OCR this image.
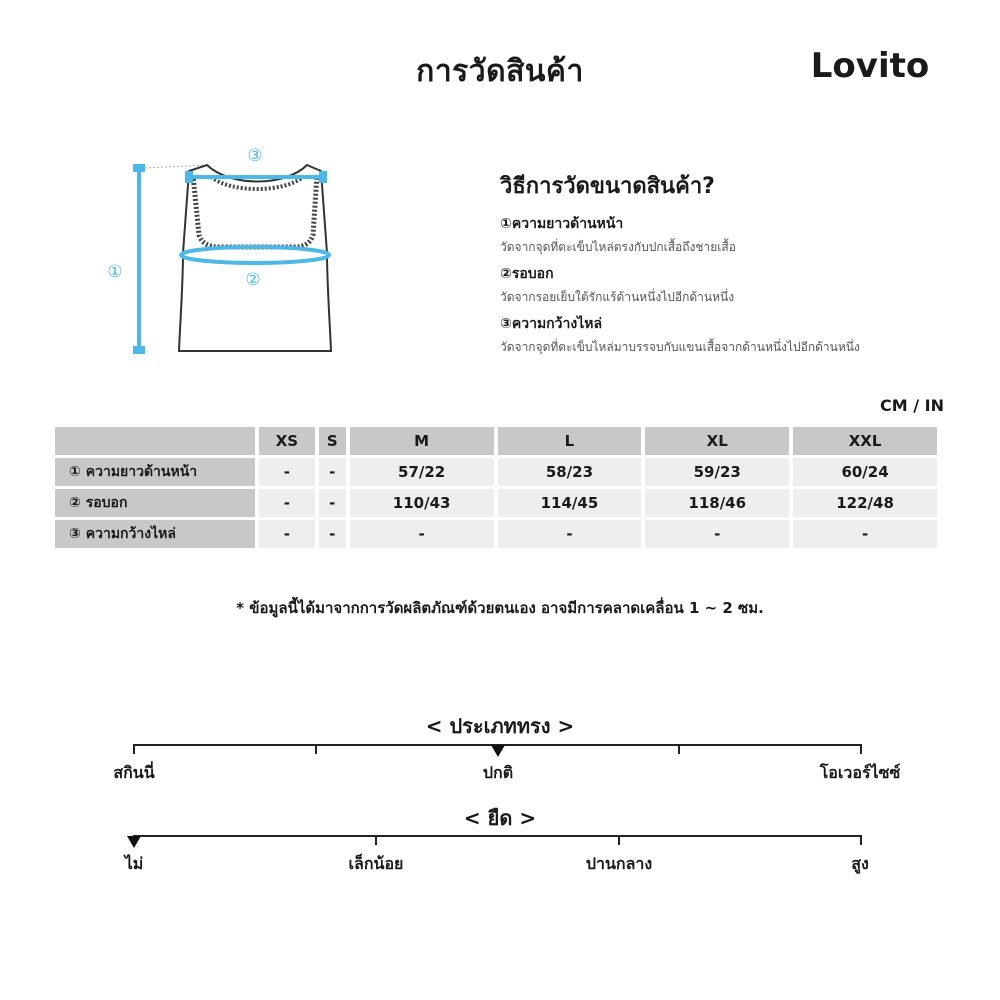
การวัดสินค้า	Lovito
③
②
①
วิธีการวัดขนาดสินค้า?
①ความยาวด้านหน้า
วัดจากจุดที่ตะเข็บไหล่ตรงกับปกเสื้อถึงชายเสื้อ
②รอบอก
วัดจากรอยเย็บใต้รักแร้ด้านหนึ่งไปอีกด้านหนึ่ง
③ความกว้างไหล่
วัดจากจุดที่ตะเข็บไหล่มาบรรจบกับแขนเสื้อจากด้านหนึ่งไปอีกด้านหนึ่ง
CM / IN
	XS	S	M	L	XL	XXL
① ความยาวด้านหน้า	-	-	57/22	58/23	59/23	60/24
② รอบอก	-	-	110/43	114/45	118/46	122/48
③ ความกว้างไหล่	-	-	-	-	-	-
* ข้อมูลนี้ได้มาจากการวัดผลิตภัณฑ์ด้วยตนเอง อาจมีการคลาดเคลื่อน 1 ~ 2 ซม.
< ประเภททรง >
สกินนี่	ปกติ	โอเวอร์ไซซ์
< ยืด >
ไม่	เล็กน้อย	ปานกลาง	สูง
